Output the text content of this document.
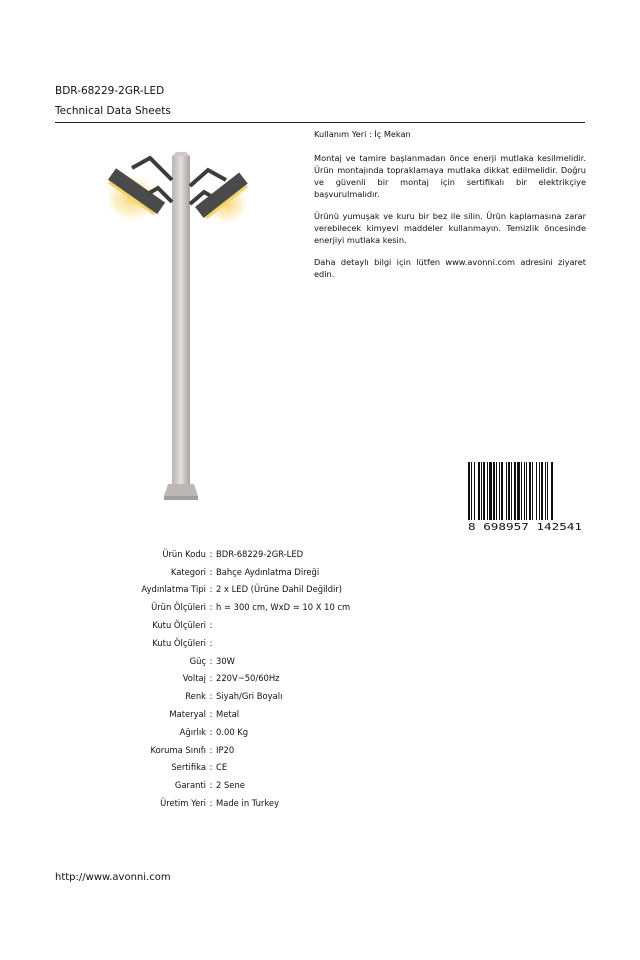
BDR-68229-2GR-LED
Technical Data Sheets

Kullanım Yeri : İç Mekan

Montaj ve tamire başlanmadan önce enerji mutlaka kesilmelidir. Ürün montajında topraklamaya mutlaka dikkat edilmelidir. Doğru ve güvenli bir montaj için sertifikalı bir elektrikçiye başvurulmalıdır.

Ürünü yumuşak ve kuru bir bez ile silin. Ürün kaplamasına zarar verebilecek kimyevi maddeler kullanmayın. Temizlik öncesinde enerjiyi mutlaka kesin.

Daha detaylı bilgi için lütfen www.avonni.com adresini ziyaret edin.

8 698957 142541
Ürün Kodu : BDR-68229-2GR-LED
Kategori : Bahçe Aydınlatma Direği
Aydınlatma Tipi : 2 x LED (Ürüne Dahil Değildir)
Ürün Ölçüleri : h = 300 cm, WxD = 10 X 10 cm
Kutu Ölçüleri :
Kutu Ölçüleri :
Güç : 30W
Voltaj : 220V~50/60Hz
Renk : Siyah/Gri Boyalı
Materyal : Metal
Ağırlık : 0.00 Kg
Koruma Sınıfı : IP20
Sertifika : CE
Garanti : 2 Sene
Üretim Yeri : Made in Turkey
http://www.avonni.com
